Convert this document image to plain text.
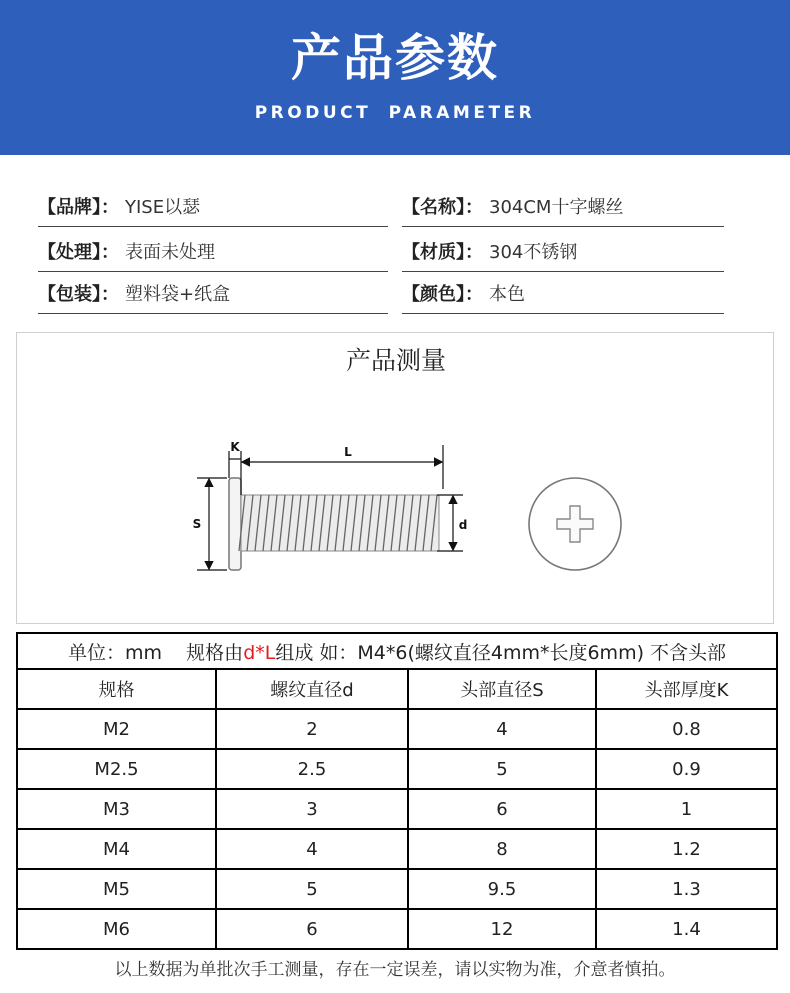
产品参数
PRODUCT PARAMETER
【品牌】： YISE以瑟	【名称】： 304CM十字螺丝
【处理】： 表面未处理	【材质】： 304不锈钢
【包装】： 塑料袋+纸盒	【颜色】： 本色
产品测量
K	L
S	d
单位：mm 规格由d*L组成 如：M4*6(螺纹直径4mm*长度6mm) 不含头部			
规格	螺纹直径d	头部直径S	头部厚度K
M2	2	4	0.8
M2.5	2.5	5	0.9
M3	3	6	1
M4	4	8	1.2
M5	5	9.5	1.3
M6	6	12	1.4
以上数据为单批次手工测量，存在一定误差，请以实物为准，介意者慎拍。
